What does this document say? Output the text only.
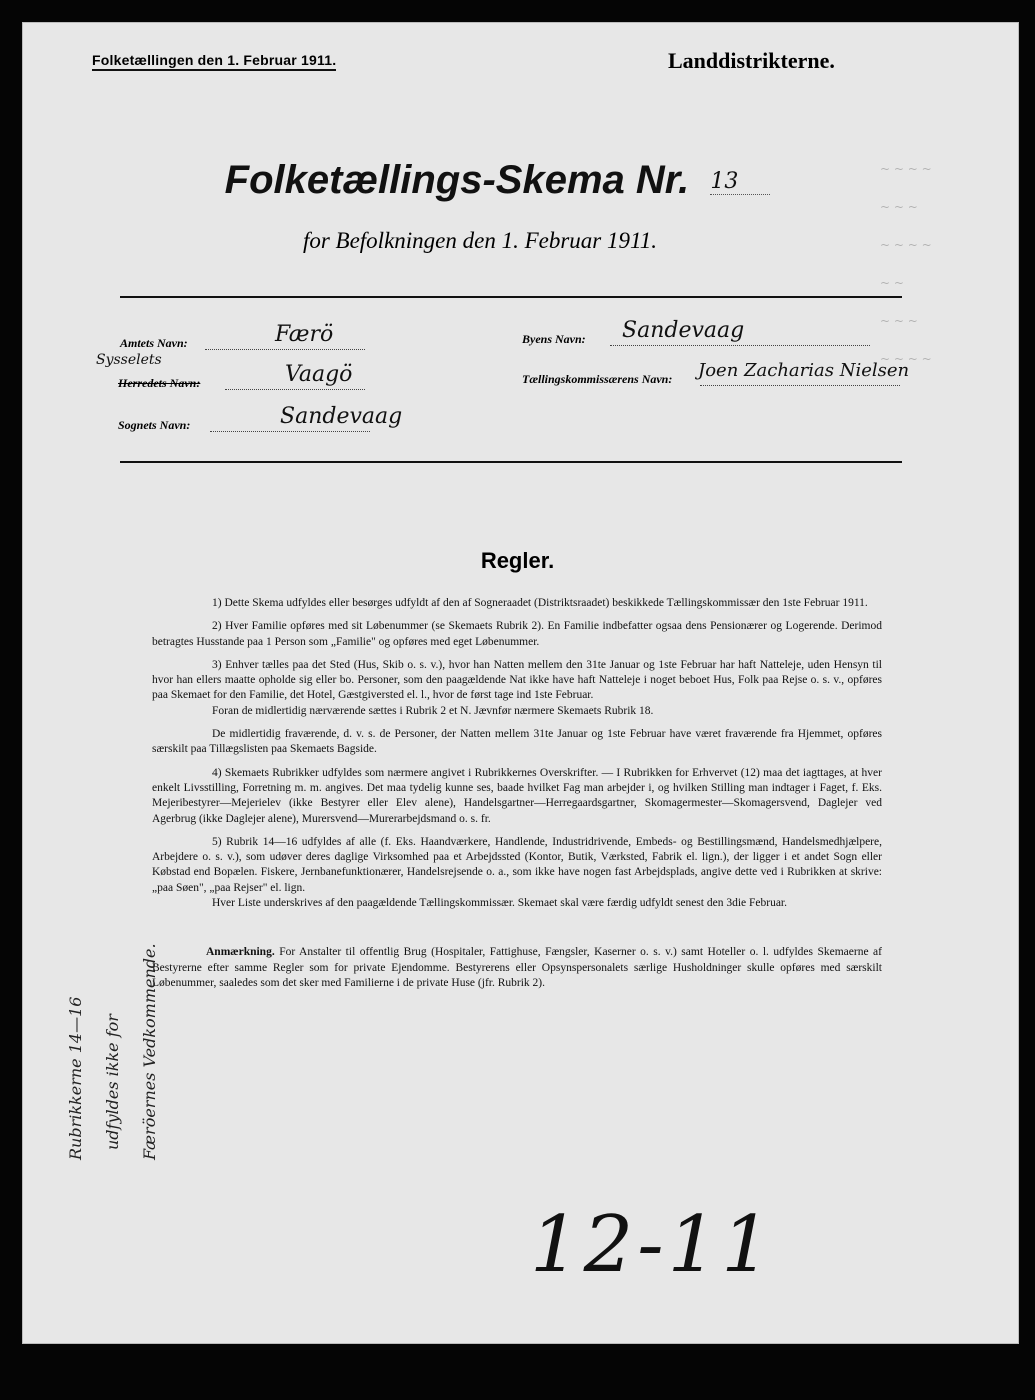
~ ~ ~ ~
~ ~ ~
~ ~ ~ ~
~ ~
~ ~ ~
~ ~ ~ ~
Folketællingen den 1. Februar 1911.	Landdistrikterne.
Folketællings-Skema Nr. 13
for Befolkningen den 1. Februar 1911.
Amtets Navn:	Færö
Sysselets
Herredets Navn:	Vaagö
Sognets Navn:	Sandevaag
Byens Navn: Sandevaag
Tællingskommissærens Navn: Joen Zacharias Nielsen
Regler.

1) Dette Skema udfyldes eller besørges udfyldt af den af Sogneraadet (Distriktsraadet) beskikkede Tællingskommissær den 1ste Februar 1911.

2) Hver Familie opføres med sit Løbenummer (se Skemaets Rubrik 2). En Familie indbefatter ogsaa dens Pensionærer og Logerende. Derimod betragtes Husstande paa 1 Person som „Familie" og opføres med eget Løbenummer.

3) Enhver tælles paa det Sted (Hus, Skib o. s. v.), hvor han Natten mellem den 31te Januar og 1ste Februar har haft Natteleje, uden Hensyn til hvor han ellers maatte opholde sig eller bo. Personer, som den paagældende Nat ikke have haft Natteleje i noget beboet Hus, Folk paa Rejse o. s. v., opføres paa Skemaet for den Familie, det Hotel, Gæstgiversted el. l., hvor de først tage ind 1ste Februar.

Foran de midlertidig nærværende sættes i Rubrik 2 et N. Jævnfør nærmere Skemaets Rubrik 18.

De midlertidig fraværende, d. v. s. de Personer, der Natten mellem 31te Januar og 1ste Februar have været fraværende fra Hjemmet, opføres særskilt paa Tillægslisten paa Skemaets Bagside.

4) Skemaets Rubrikker udfyldes som nærmere angivet i Rubrikkernes Overskrifter. — I Rubrikken for Erhvervet (12) maa det iagttages, at hver enkelt Livsstilling, Forretning m. m. angives. Det maa tydelig kunne ses, baade hvilket Fag man arbejder i, og hvilken Stilling man indtager i Faget, f. Eks. Mejeribestyrer—Mejerielev (ikke Bestyrer eller Elev alene), Handelsgartner—Herregaardsgartner, Skomagermester—Skomagersvend, Daglejer ved Agerbrug (ikke Daglejer alene), Murersvend—Murerarbejdsmand o. s. fr.

5) Rubrik 14—16 udfyldes af alle (f. Eks. Haandværkere, Handlende, Industridrivende, Embeds- og Bestillingsmænd, Handelsmedhjælpere, Arbejdere o. s. v.), som udøver deres daglige Virksomhed paa et Arbejdssted (Kontor, Butik, Værksted, Fabrik el. lign.), der ligger i et andet Sogn eller Købstad end Bopælen. Fiskere, Jernbanefunktionærer, Handelsrejsende o. a., som ikke have nogen fast Arbejdsplads, angive dette ved i Rubrikken at skrive: „paa Søen", „paa Rejser" el. lign.

Hver Liste underskrives af den paagældende Tællingskommissær. Skemaet skal være færdig udfyldt senest den 3die Februar.

Anmærkning. For Anstalter til offentlig Brug (Hospitaler, Fattighuse, Fængsler, Kaserner o. s. v.) samt Hoteller o. l. udfyldes Skemaerne af Bestyrerne efter samme Regler som for private Ejendomme. Bestyrerens eller Opsynspersonalets særlige Husholdninger skulle opføres med særskilt Løbenummer, saaledes som det sker med Familierne i de private Huse (jfr. Rubrik 2).

Rubrikkerne 14—16 udfyldes ikke for Færöernes Vedkommende.
12-11
